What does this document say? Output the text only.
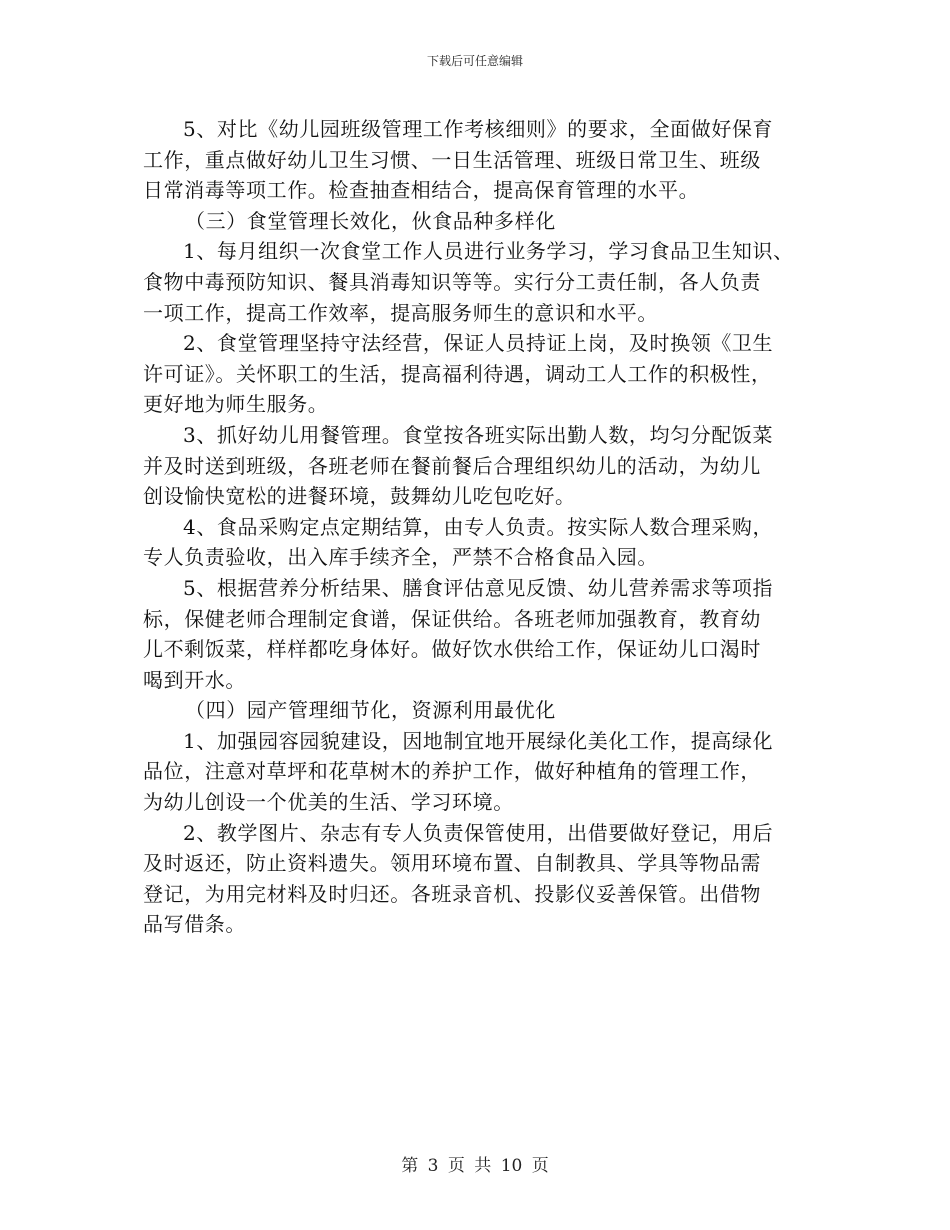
下载后可任意编辑

5、对比《幼儿园班级管理工作考核细则》的要求，全面做好保育
工作，重点做好幼儿卫生习惯、一日生活管理、班级日常卫生、班级
日常消毒等项工作。检查抽查相结合，提高保育管理的水平。

（三）食堂管理长效化，伙食品种多样化

1、每月组织一次食堂工作人员进行业务学习，学习食品卫生知识、
食物中毒预防知识、餐具消毒知识等等。实行分工责任制，各人负责
一项工作，提高工作效率，提高服务师生的意识和水平。

2、食堂管理坚持守法经营，保证人员持证上岗，及时换领《卫生
许可证》。关怀职工的生活，提高福利待遇，调动工人工作的积极性，
更好地为师生服务。

3、抓好幼儿用餐管理。食堂按各班实际出勤人数，均匀分配饭菜
并及时送到班级，各班老师在餐前餐后合理组织幼儿的活动，为幼儿
创设愉快宽松的进餐环境，鼓舞幼儿吃包吃好。

4、食品采购定点定期结算，由专人负责。按实际人数合理采购，
专人负责验收，出入库手续齐全，严禁不合格食品入园。

5、根据营养分析结果、膳食评估意见反馈、幼儿营养需求等项指
标，保健老师合理制定食谱，保证供给。各班老师加强教育，教育幼
儿不剩饭菜，样样都吃身体好。做好饮水供给工作，保证幼儿口渴时
喝到开水。

（四）园产管理细节化，资源利用最优化

1、加强园容园貌建设，因地制宜地开展绿化美化工作，提高绿化
品位，注意对草坪和花草树木的养护工作，做好种植角的管理工作，
为幼儿创设一个优美的生活、学习环境。

2、教学图片、杂志有专人负责保管使用，出借要做好登记，用后
及时返还，防止资料遗失。领用环境布置、自制教具、学具等物品需
登记，为用完材料及时归还。各班录音机、投影仪妥善保管。出借物
品写借条。

第 3 页 共 10 页
